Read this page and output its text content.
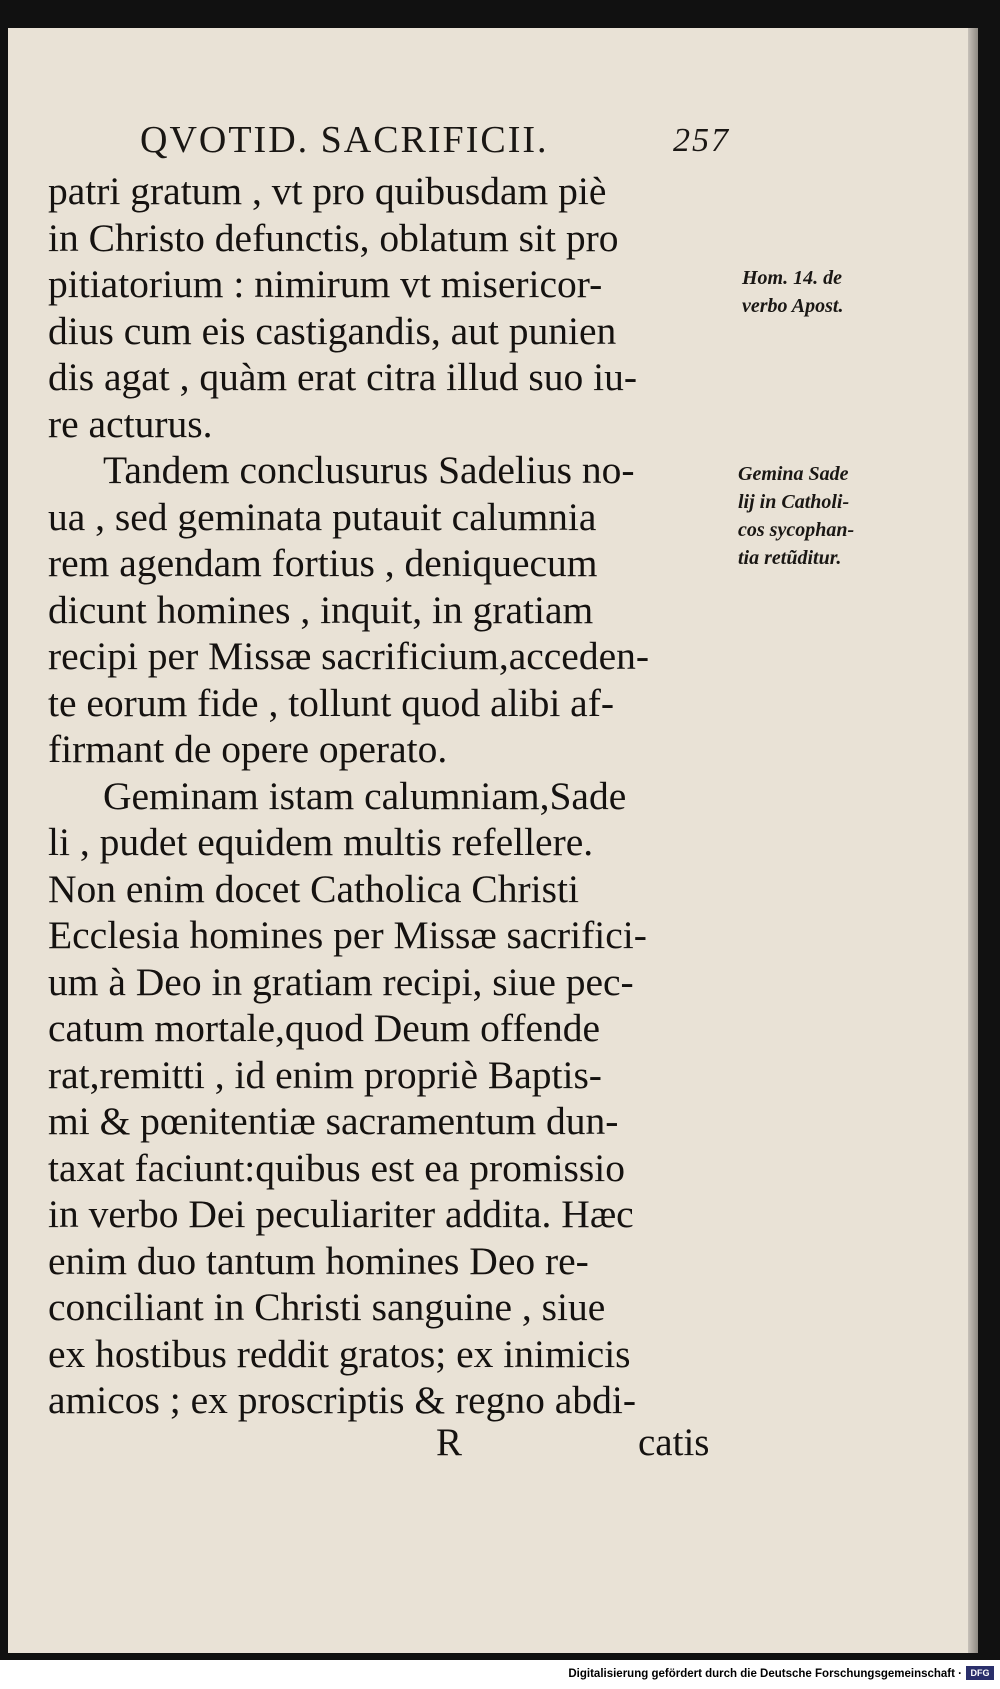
QVOTID. SACRIFICII.	257
patri gratum , vt pro quibusdam piè
in Christo defunctis, oblatum sit pro
pitiatorium : nimirum vt misericor-
dius cum eis castigandis, aut punien
dis agat , quàm erat citra illud suo iu-
re acturus.
Tandem conclusurus Sadelius no-
ua , sed geminata putauit calumnia
rem agendam fortius , deniquecum
dicunt homines , inquit, in gratiam
recipi per Missæ sacrificium,acceden-
te eorum fide , tollunt quod alibi af-
firmant de opere operato.
Geminam istam calumniam,Sade
li , pudet equidem multis refellere.
Non enim docet Catholica Christi
Ecclesia homines per Missæ sacrifici-
um à Deo in gratiam recipi, siue pec-
catum mortale,quod Deum offende
rat,remitti , id enim propriè Baptis-
mi & pœnitentiæ sacramentum dun-
taxat faciunt:quibus est ea promissio
in verbo Dei peculiariter addita. Hæc
enim duo tantum homines Deo re-
conciliant in Christi sanguine , siue
ex hostibus reddit gratos; ex inimicis
amicos ; ex proscriptis & regno abdi-
Hom. 14. de
verbo Apost.
Gemina Sade
lij in Catholi-
cos sycophan-
tia retũditur.
R	catis
Digitalisierung gefördert durch die Deutsche Forschungsgemeinschaft · DFG
